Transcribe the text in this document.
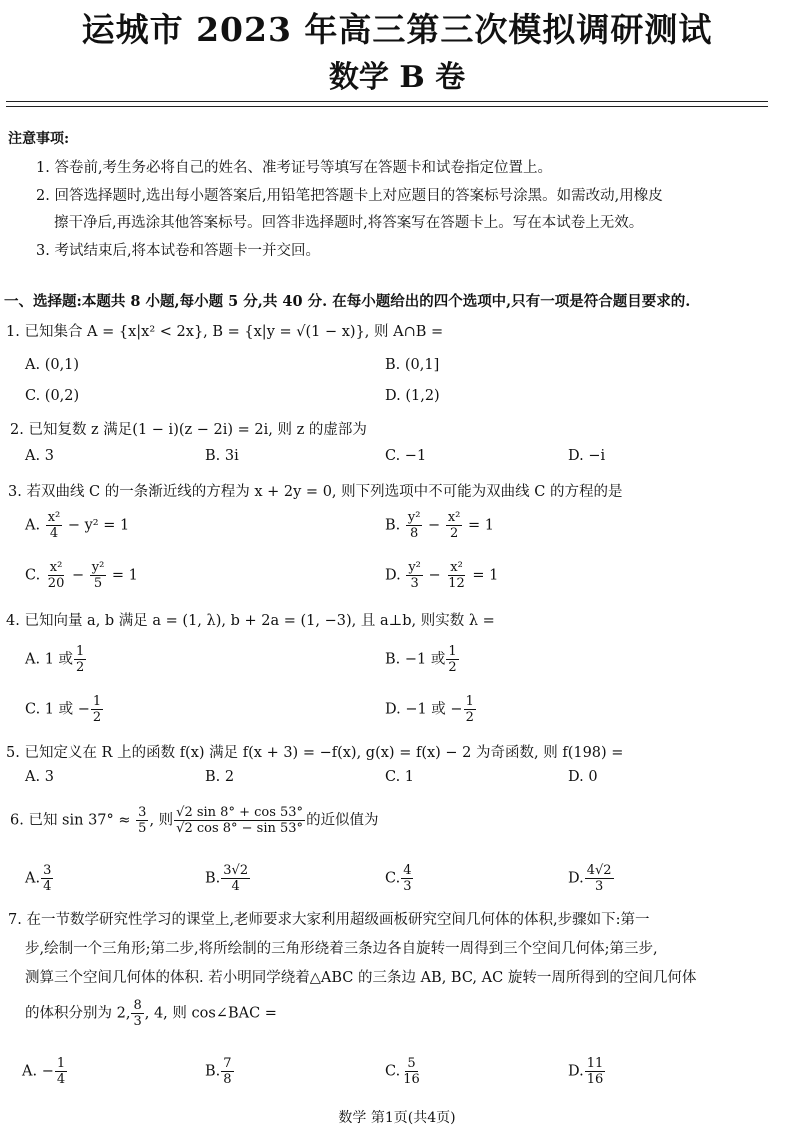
运城市 2023 年高三第三次模拟调研测试
数学 B 卷
注意事项:
1. 答卷前,考生务必将自己的姓名、准考证号等填写在答题卡和试卷指定位置上。
2. 回答选择题时,选出每小题答案后,用铅笔把答题卡上对应题目的答案标号涂黑。如需改动,用橡皮
擦干净后,再选涂其他答案标号。回答非选择题时,将答案写在答题卡上。写在本试卷上无效。
3. 考试结束后,将本试卷和答题卡一并交回。
一、选择题:本题共 8 小题,每小题 5 分,共 40 分. 在每小题给出的四个选项中,只有一项是符合题目要求的.
1. 已知集合 A = {x|x² < 2x}, B = {x|y = √(1 − x)}, 则 A∩B =
A. (0,1)	B. (0,1]
C. (0,2)	D. (1,2)
2. 已知复数 z 满足(1 − i)(z − 2i) = 2i, 则 z 的虚部为
A. 3	B. 3i	C. −1	D. −i
3. 若双曲线 C 的一条渐近线的方程为 x + 2y = 0, 则下列选项中不可能为双曲线 C 的方程的是
A. $\frac{\text{x²}}{4} - y^2 = 1$	B. $\frac{\text{y²}}{8} - \frac{\text{x²}}{2} = 1$
C. $\frac{\text{x²}}{20} - \frac{\text{y²}}{5} = 1$	D. $\frac{\text{y²}}{3} - \frac{\text{x²}}{12} = 1$
4. 已知向量 a, b 满足 a = (1, λ), b + 2a = (1, −3), 且 a⊥b, 则实数 λ =
A. 1 或 $\frac{1}{2}$	B. −1 或 $\frac{1}{2}$
C. 1 或 − $\frac{1}{2}$	D. −1 或 − $\frac{1}{2}$
5. 已知定义在 R 上的函数 f(x) 满足 f(x + 3) = −f(x), g(x) = f(x) − 2 为奇函数, 则 f(198) =
A. 3	B. 2	C. 1	D. 0
6. 已知 $\sin 37^\circ \approx \frac{3}{5}$ , 则 $\frac{√2 \sin 8^\circ + \cos 53^\circ}{√2 \cos 8^\circ - \sin 53^\circ}$ 的近似值为
A. $\frac{3}{4}$	B. $\frac{3√2}{4}$	C. $\frac{4}{3}$	D. $\frac{4√2}{3}$
7. 在一节数学研究性学习的课堂上,老师要求大家利用超级画板研究空间几何体的体积,步骤如下:第一
步,绘制一个三角形;第二步,将所绘制的三角形绕着三条边各自旋转一周得到三个空间几何体;第三步,
测算三个空间几何体的体积. 若小明同学绕着△ABC 的三条边 AB, BC, AC 旋转一周所得到的空间几何体
的体积分别为 2, $\frac{8}{3}$ , 4, 则 cos∠BAC =
A. − $\frac{1}{4}$	B. $\frac{7}{8}$	C. $\frac{5}{16}$	D. $\frac{11}{16}$
数学 第1页(共4页)
